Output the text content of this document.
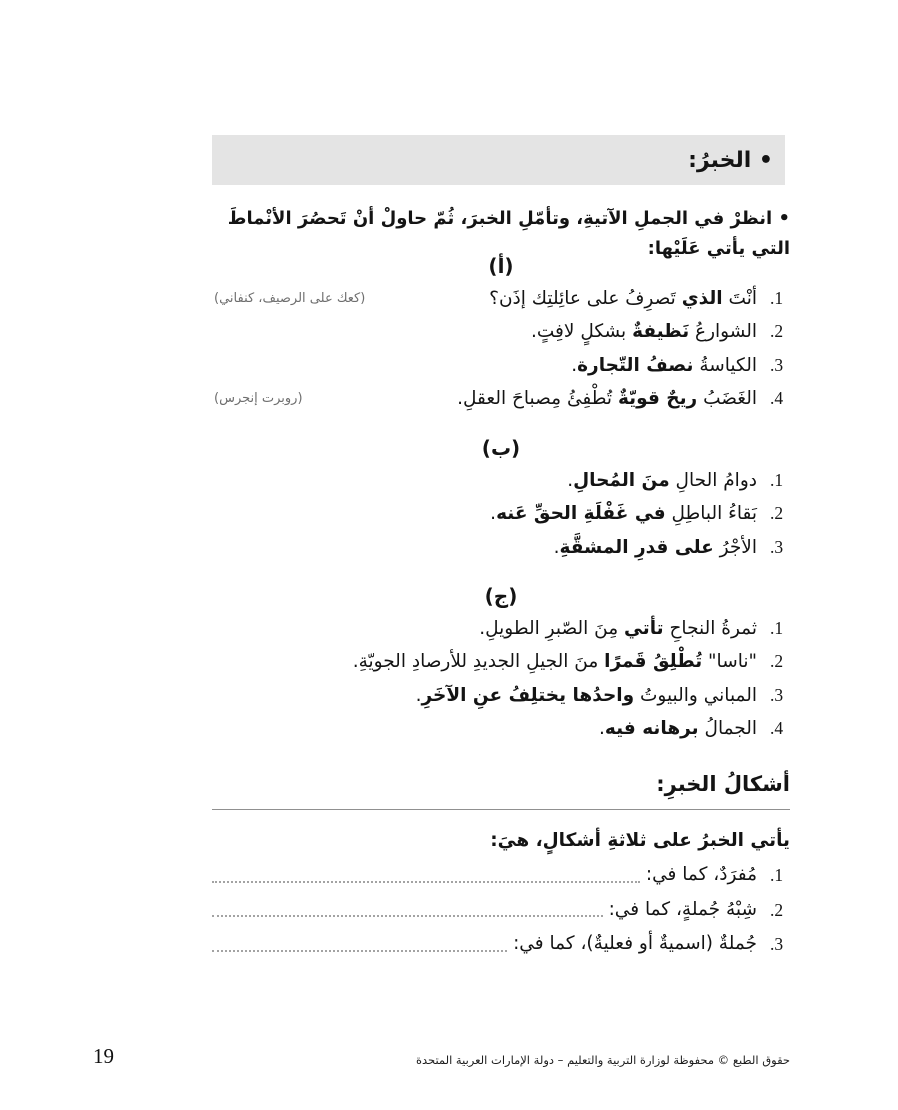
• الخبرُ:
• انظرْ في الجملِ الآتيةِ، وتأمّلِ الخبرَ، ثُمّ حاولْ أنْ تَحصُرَ الأنْماطَ التي يأتي عَلَيْها:
(أ)
1.
أنْتَ الذي تَصرِفُ على عائِلتِك إذَن؟
(كعك على الرصيف، كنفاني)
2.
الشوارعُ نَظيفةٌ بشكلٍ لافِتٍ.
3.
الكياسةُ نصفُ التّجارة.
4.
الغَضَبُ ريحٌ قويّةٌ تُطْفِئُ مِصباحَ العقلِ.
(روبرت إنجرس)
(ب)
1.
دوامُ الحالِ منَ المُحالِ.
2.
بَقاءُ الباطِلِ في غَفْلَةِ الحقِّ عَنه.
3.
الأجْرُ على قدرِ المشقَّةِ.
(ج)
1.
ثمرةُ النجاحِ تأتي مِنَ الصّبرِ الطويلِ.
2.
"ناسا" تُطْلِقُ قَمرًا منَ الجيلِ الجديدِ للأرصادِ الجويّةِ.
3.
المباني والبيوتُ واحدُها يختلِفُ عنِ الآخَرِ.
4.
الجمالُ برهانه فيه.
أشكالُ الخبرِ:
يأتي الخبرُ على ثلاثةِ أشكالٍ، هيَ:
1.
مُفرَدٌ، كما في:
2.
شِبْهُ جُملةٍ، كما في:
3.
جُملةٌ (اسميةٌ أو فعليةٌ)، كما في:
19	حقوق الطبع © محفوظة لوزارة التربية والتعليم – دولة الإمارات العربية المتحدة
